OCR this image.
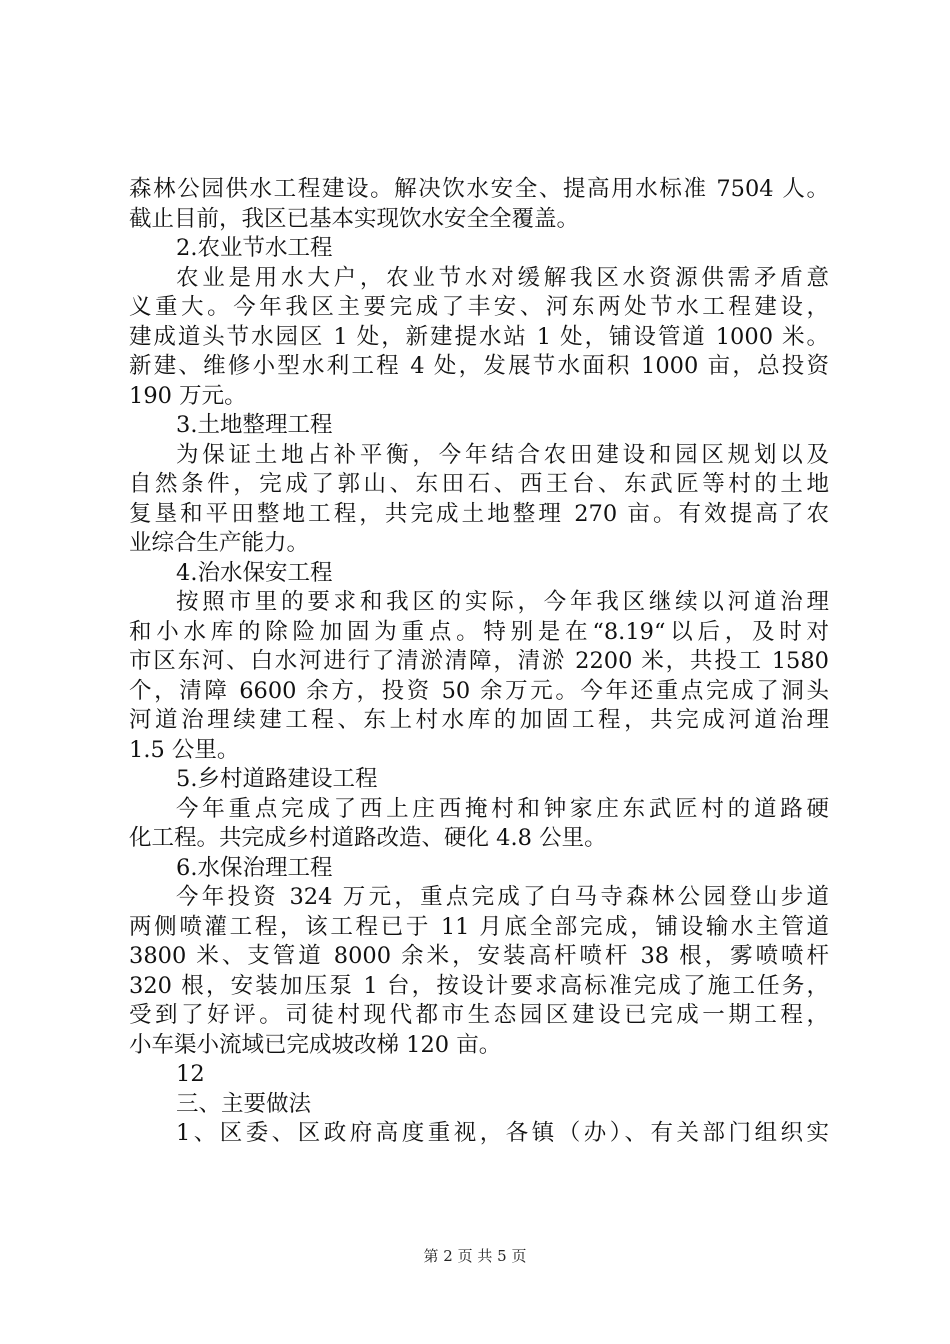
森林公园供水工程建设。解决饮水安全、提高用水标准 7504 人。
截止目前，我区已基本实现饮水安全全覆盖。
2.农业节水工程
农业是用水大户，农业节水对缓解我区水资源供需矛盾意
义重大。今年我区主要完成了丰安、河东两处节水工程建设，
建成道头节水园区 1 处，新建提水站 1 处，铺设管道 1000 米。
新建、维修小型水利工程 4 处，发展节水面积 1000 亩，总投资
190 万元。
3.土地整理工程
为保证土地占补平衡，今年结合农田建设和园区规划以及
自然条件，完成了郭山、东田石、西王台、东武匠等村的土地
复垦和平田整地工程，共完成土地整理 270 亩。有效提高了农
业综合生产能力。
4.治水保安工程
按照市里的要求和我区的实际，今年我区继续以河道治理
和小水库的除险加固为重点。特别是在“8.19“以后，及时对
市区东河、白水河进行了清淤清障，清淤 2200 米，共投工 1580
个，清障 6600 余方，投资 50 余万元。今年还重点完成了洞头
河道治理续建工程、东上村水库的加固工程，共完成河道治理
1.5 公里。
5.乡村道路建设工程
今年重点完成了西上庄西掩村和钟家庄东武匠村的道路硬
化工程。共完成乡村道路改造、硬化 4.8 公里。
6.水保治理工程
今年投资 324 万元，重点完成了白马寺森林公园登山步道
两侧喷灌工程，该工程已于 11 月底全部完成，铺设输水主管道
3800 米、支管道 8000 余米，安装高杆喷杆 38 根，雾喷喷杆
320 根，安装加压泵 1 台，按设计要求高标准完成了施工任务，
受到了好评。司徒村现代都市生态园区建设已完成一期工程，
小车渠小流域已完成坡改梯 120 亩。
12
三、主要做法
1、区委、区政府高度重视，各镇（办）、有关部门组织实
第 2 页 共 5 页
